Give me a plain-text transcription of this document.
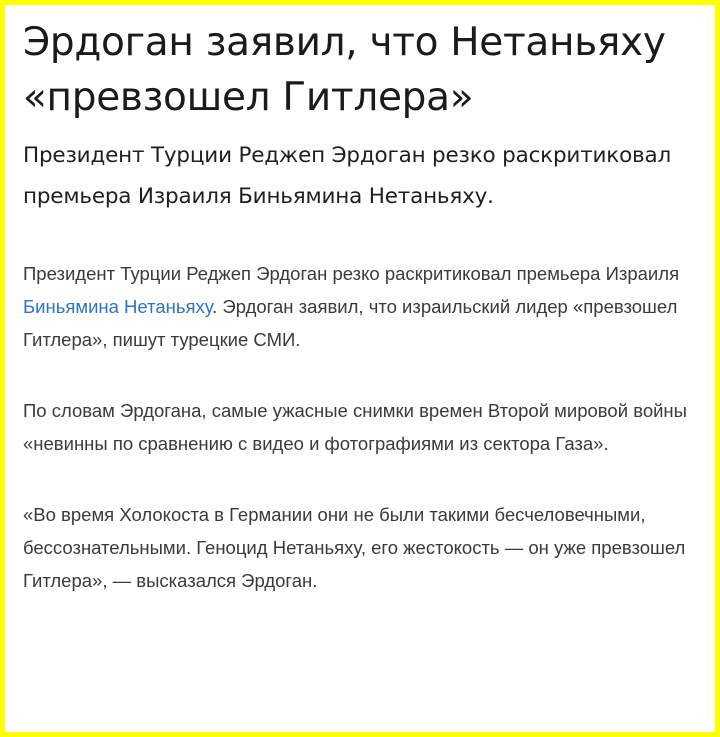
Эрдоган заявил, что Нетаньяху «превзошел Гитлера»

Президент Турции Реджеп Эрдоган резко раскритиковал премьера Израиля Биньямина Нетаньяху.

Президент Турции Реджеп Эрдоган резко раскритиковал премьера Израиля Биньямина Нетаньяху. Эрдоган заявил, что израильский лидер «превзошел Гитлера», пишут турецкие СМИ.

По словам Эрдогана, самые ужасные снимки времен Второй мировой войны «невинны по сравнению с видео и фотографиями из сектора Газа».

«Во время Холокоста в Германии они не были такими бесчеловечными, бессознательными. Геноцид Нетаньяху, его жестокость — он уже превзошел Гитлера», — высказался Эрдоган.
